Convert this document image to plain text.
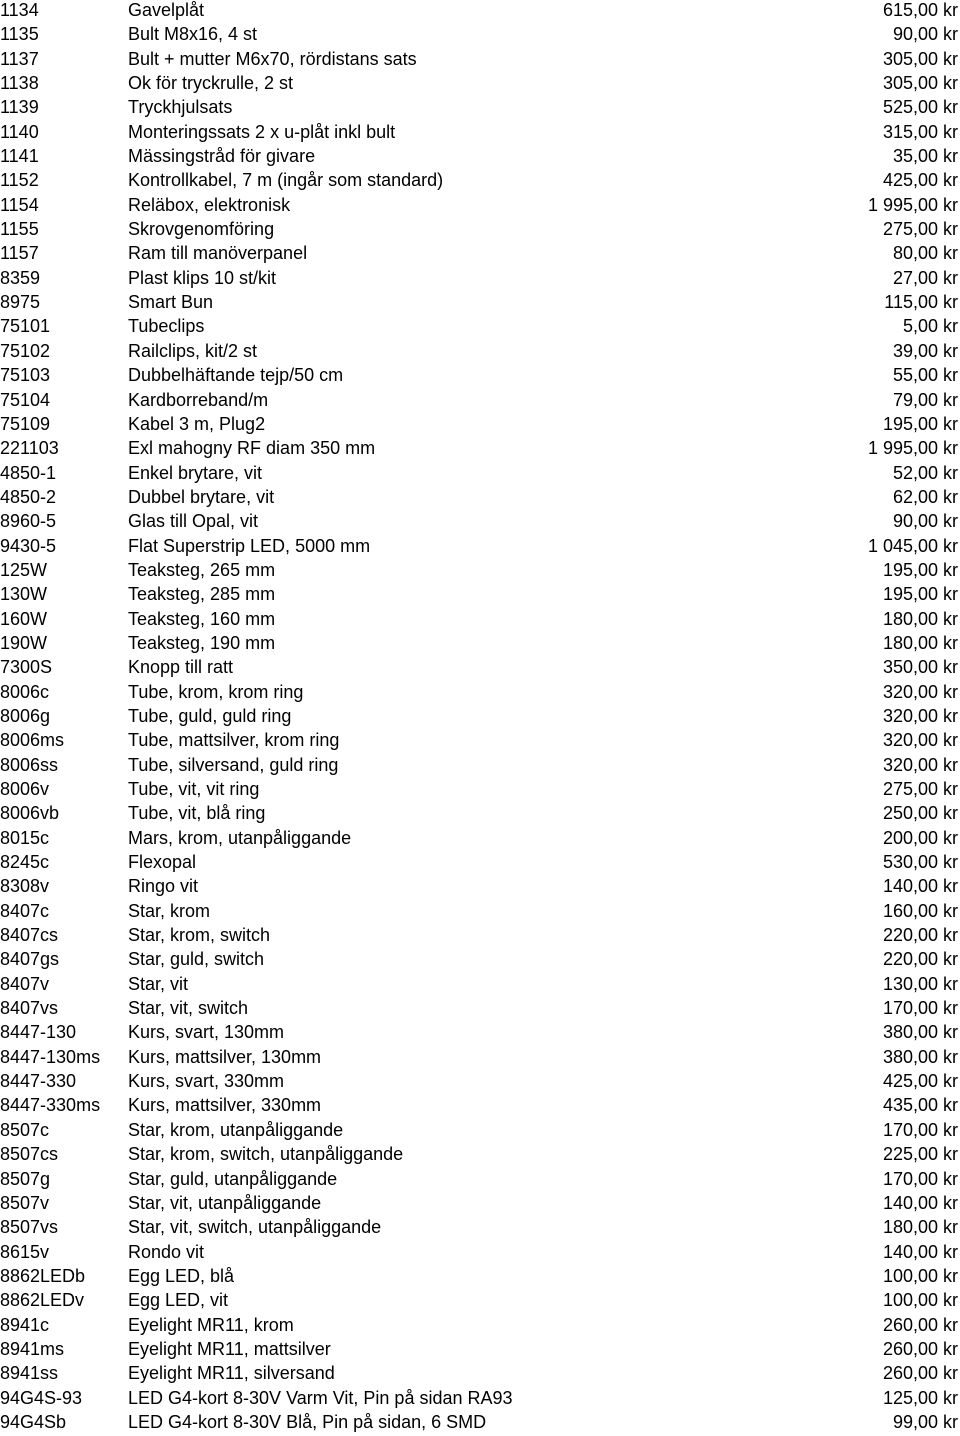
1134	Gavelplåt	615,00 kr
1135	Bult M8x16, 4 st	90,00 kr
1137	Bult + mutter M6x70, rördistans sats	305,00 kr
1138	Ok för tryckrulle, 2 st	305,00 kr
1139	Tryckhjulsats	525,00 kr
1140	Monteringssats 2 x u-plåt inkl bult	315,00 kr
1141	Mässingstråd för givare	35,00 kr
1152	Kontrollkabel, 7 m (ingår som standard)	425,00 kr
1154	Reläbox, elektronisk	1 995,00 kr
1155	Skrovgenomföring	275,00 kr
1157	Ram till manöverpanel	80,00 kr
8359	Plast klips 10 st/kit	27,00 kr
8975	Smart Bun	115,00 kr
75101	Tubeclips	5,00 kr
75102	Railclips, kit/2 st	39,00 kr
75103	Dubbelhäftande tejp/50 cm	55,00 kr
75104	Kardborreband/m	79,00 kr
75109	Kabel 3 m, Plug2	195,00 kr
221103	Exl mahogny RF diam 350 mm	1 995,00 kr
4850-1	Enkel brytare, vit	52,00 kr
4850-2	Dubbel brytare, vit	62,00 kr
8960-5	Glas till Opal, vit	90,00 kr
9430-5	Flat Superstrip LED, 5000 mm	1 045,00 kr
125W	Teaksteg, 265 mm	195,00 kr
130W	Teaksteg, 285 mm	195,00 kr
160W	Teaksteg, 160 mm	180,00 kr
190W	Teaksteg, 190 mm	180,00 kr
7300S	Knopp till ratt	350,00 kr
8006c	Tube, krom, krom ring	320,00 kr
8006g	Tube, guld, guld ring	320,00 kr
8006ms	Tube, mattsilver, krom ring	320,00 kr
8006ss	Tube, silversand, guld ring	320,00 kr
8006v	Tube, vit, vit ring	275,00 kr
8006vb	Tube, vit, blå ring	250,00 kr
8015c	Mars, krom, utanpåliggande	200,00 kr
8245c	Flexopal	530,00 kr
8308v	Ringo vit	140,00 kr
8407c	Star, krom	160,00 kr
8407cs	Star, krom, switch	220,00 kr
8407gs	Star, guld, switch	220,00 kr
8407v	Star, vit	130,00 kr
8407vs	Star, vit, switch	170,00 kr
8447-130	Kurs, svart, 130mm	380,00 kr
8447-130ms	Kurs, mattsilver, 130mm	380,00 kr
8447-330	Kurs, svart, 330mm	425,00 kr
8447-330ms	Kurs, mattsilver, 330mm	435,00 kr
8507c	Star, krom, utanpåliggande	170,00 kr
8507cs	Star, krom, switch, utanpåliggande	225,00 kr
8507g	Star, guld, utanpåliggande	170,00 kr
8507v	Star, vit, utanpåliggande	140,00 kr
8507vs	Star, vit, switch, utanpåliggande	180,00 kr
8615v	Rondo vit	140,00 kr
8862LEDb	Egg LED, blå	100,00 kr
8862LEDv	Egg LED, vit	100,00 kr
8941c	Eyelight MR11, krom	260,00 kr
8941ms	Eyelight MR11, mattsilver	260,00 kr
8941ss	Eyelight MR11, silversand	260,00 kr
94G4S-93	LED G4-kort 8-30V Varm Vit, Pin på sidan RA93	125,00 kr
94G4Sb	LED G4-kort 8-30V Blå, Pin på sidan, 6 SMD	99,00 kr
